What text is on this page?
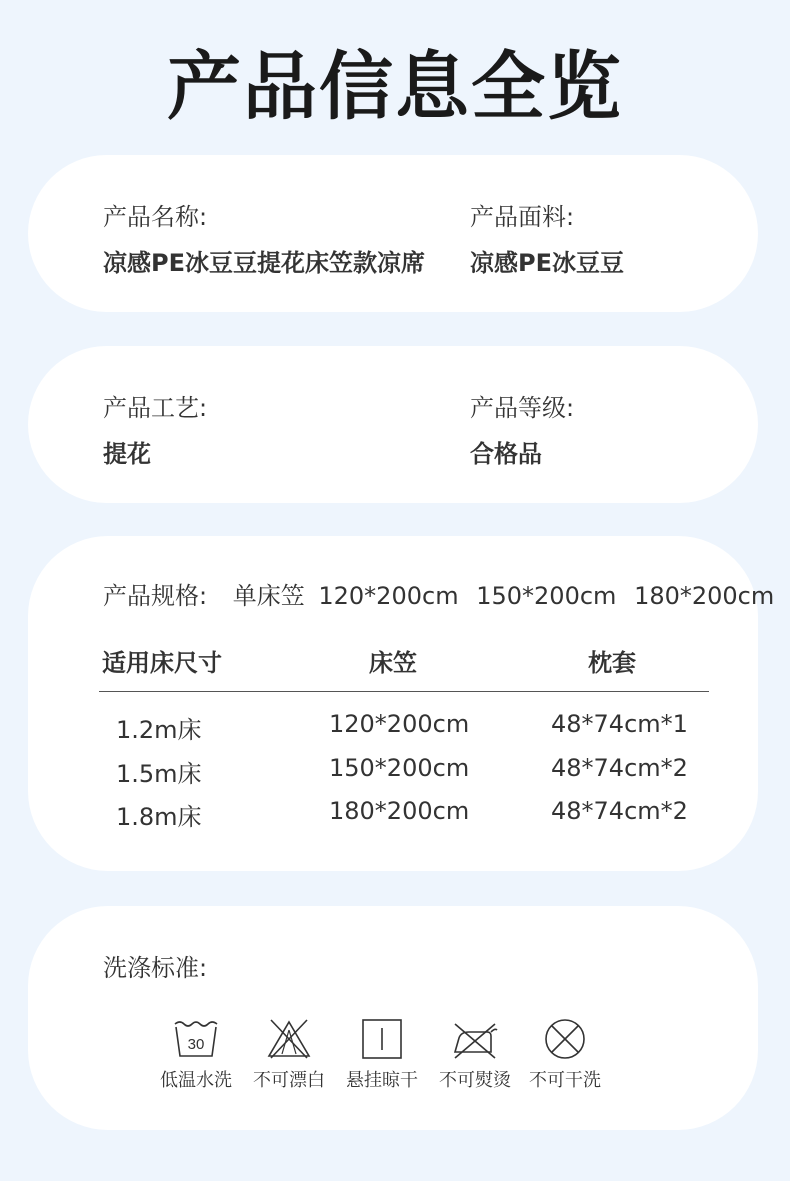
产品信息全览
产品名称:
凉感PE冰豆豆提花床笠款凉席
产品面料:
凉感PE冰豆豆
产品工艺:
提花
产品等级:
合格品
产品规格: 单床笠 120*200cm 150*200cm 180*200cm
适用床尺寸	床笠	枕套
1.2m床	120*200cm	48*74cm*1
1.5m床	150*200cm	48*74cm*2
1.8m床	180*200cm	48*74cm*2
洗涤标准:
30
低温水洗	不可漂白	悬挂晾干	不可熨烫	不可干洗
